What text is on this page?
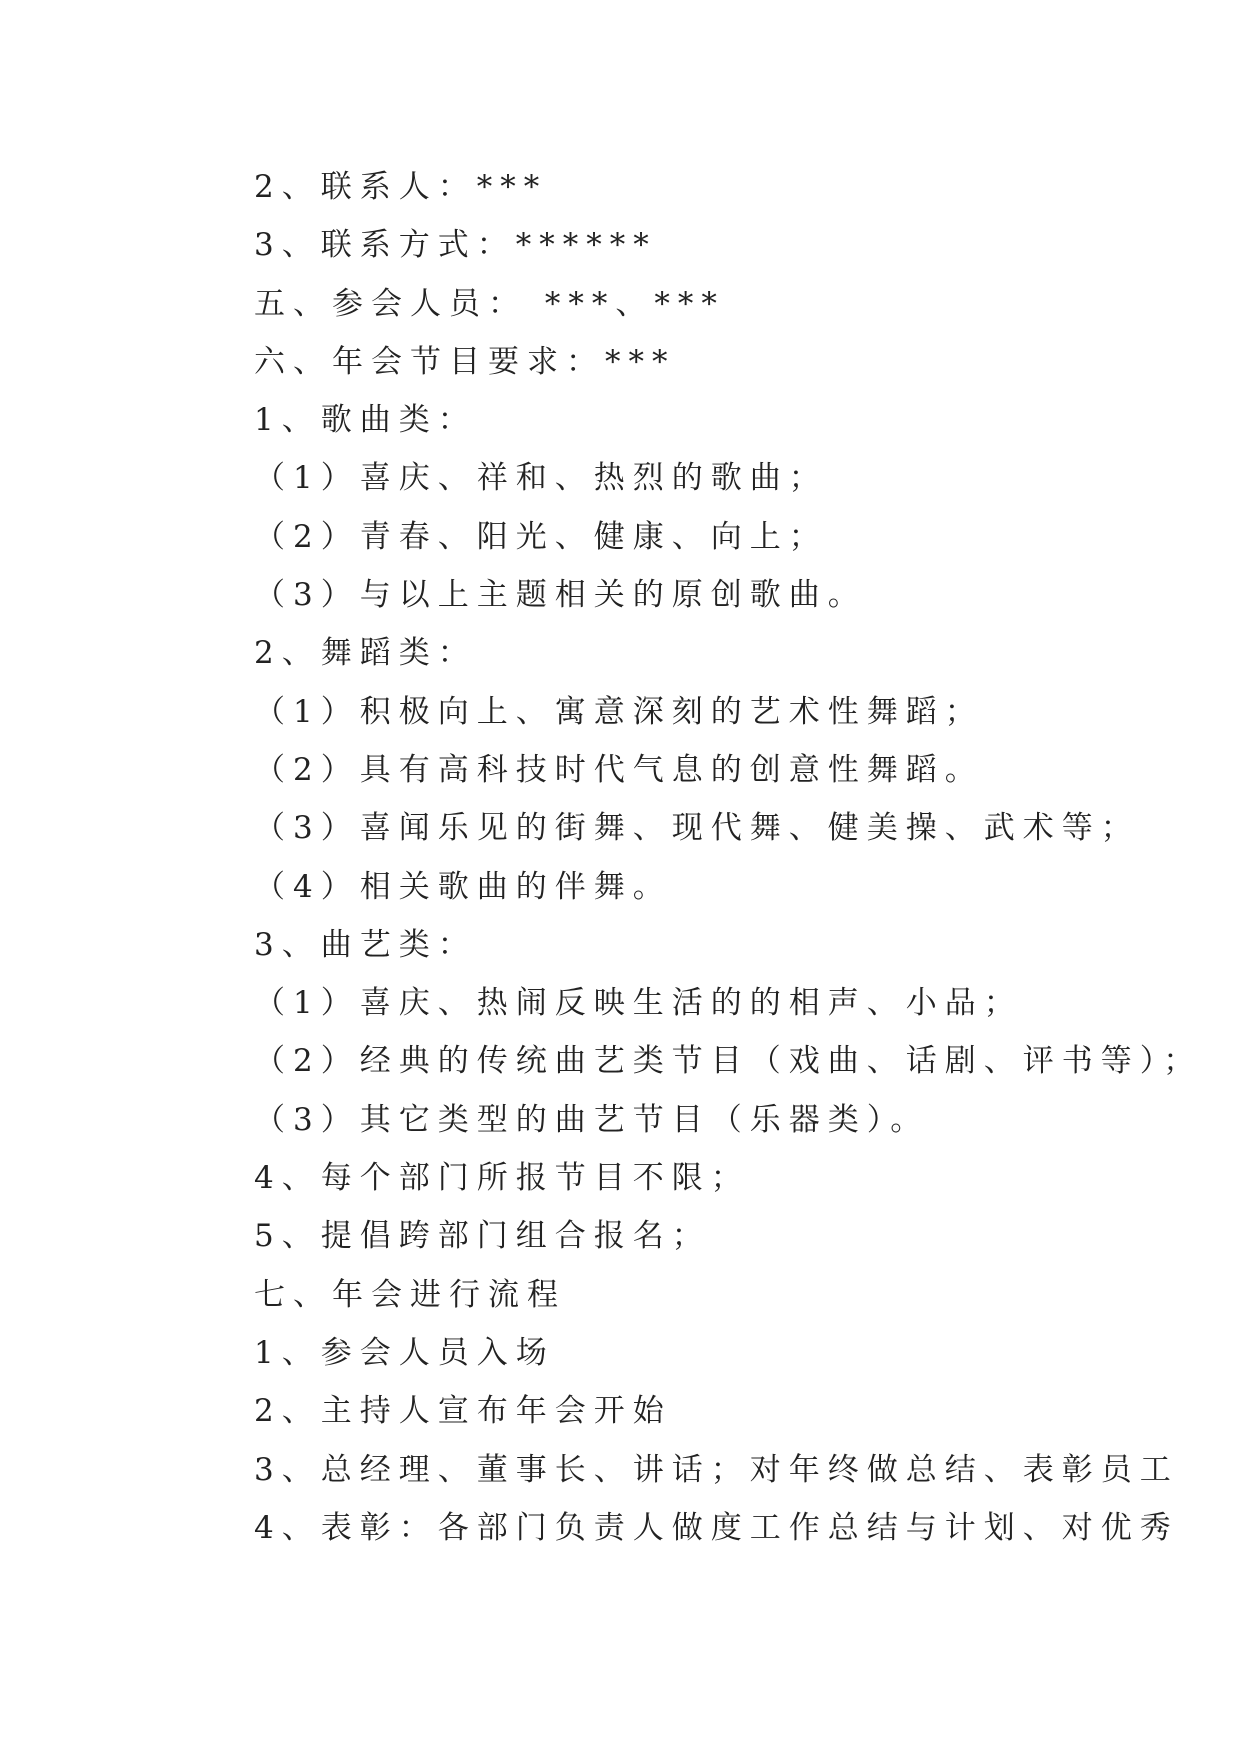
2、联系人：***
3、联系方式：******
五、参会人员： ***、***
六、年会节目要求：***
1、歌曲类：
（1）喜庆、祥和、热烈的歌曲；
（2）青春、阳光、健康、向上；
（3）与以上主题相关的原创歌曲。
2、舞蹈类：
（1）积极向上、寓意深刻的艺术性舞蹈；
（2）具有高科技时代气息的创意性舞蹈。
（3）喜闻乐见的街舞、现代舞、健美操、武术等；
（4）相关歌曲的伴舞。
3、曲艺类：
（1）喜庆、热闹反映生活的的相声、小品；
（2）经典的传统曲艺类节目（戏曲、话剧、评书等）；
（3）其它类型的曲艺节目（乐器类）。
4、每个部门所报节目不限；
5、提倡跨部门组合报名；
七、年会进行流程
1、参会人员入场
2、主持人宣布年会开始
3、总经理、董事长、讲话；对年终做总结、表彰员工
4、表彰：各部门负责人做度工作总结与计划、对优秀
